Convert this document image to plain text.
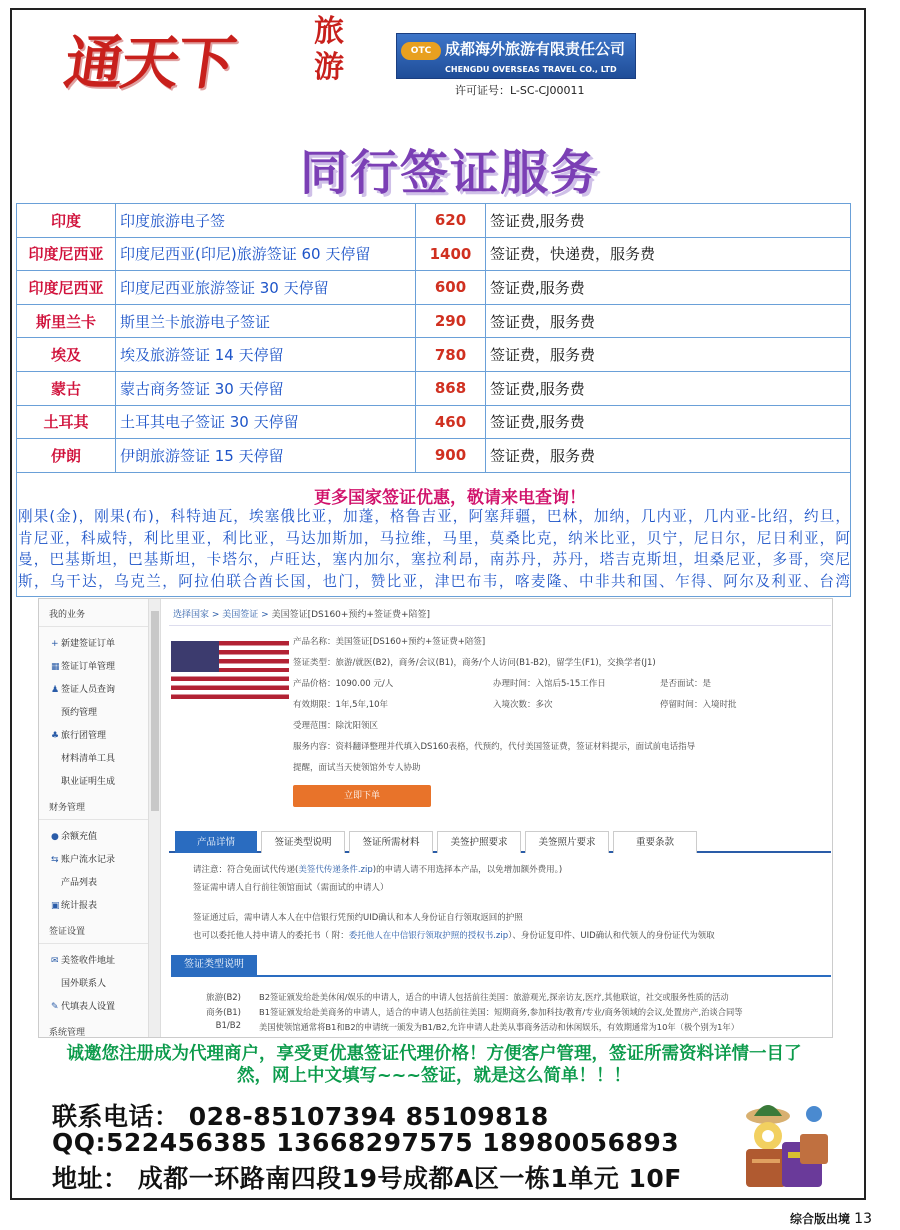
通天下	旅游	OTC 成都海外旅游有限责任公司
CHENGDU OVERSEAS TRAVEL CO., LTD
许可证号：L-SC-CJ00011
同行签证服务
印度	印度旅游电子签	620	签证费,服务费
印度尼西亚	印度尼西亚(印尼)旅游签证 60 天停留	1400	签证费，快递费，服务费
印度尼西亚	印度尼西亚旅游签证 30 天停留	600	签证费,服务费
斯里兰卡	斯里兰卡旅游电子签证	290	签证费，服务费
埃及	埃及旅游签证 14 天停留	780	签证费，服务费
蒙古	蒙古商务签证 30 天停留	868	签证费,服务费
土耳其	土耳其电子签证 30 天停留	460	签证费,服务费
伊朗	伊朗旅游签证 15 天停留	900	签证费，服务费
更多国家签证优惠，敬请来电查询！
刚果(金)，刚果(布)，科特迪瓦，埃塞俄比亚，加蓬，格鲁吉亚，阿塞拜疆，巴林，加纳，几内亚，几内亚-比绍，约旦，
肯尼亚，科威特，利比里亚，利比亚，马达加斯加，马拉维，马里，莫桑比克，纳米比亚，贝宁，尼日尔，尼日利亚，阿
曼，巴基斯坦，巴基斯坦，卡塔尔，卢旺达，塞内加尔，塞拉利昂，南苏丹，苏丹，塔吉克斯坦，坦桑尼亚，多哥，突尼
斯，乌干达，乌克兰，阿拉伯联合酋长国，也门，赞比亚，津巴布韦，喀麦隆、中非共和国、乍得、阿尔及利亚、台湾
我的业务
+ 新建签证订单
▦签证订单管理
♟ 签证人员查询
预约管理
♣ 旅行团管理
材料清单工具
职业证明生成
财务管理
● 余额充值
⇆ 账户流水记录
产品列表
▣统计报表
签证设置
✉ 美签收件地址
国外联系人
✎ 代填表人设置
系统管理
选择国家 > 美国签证 > 美国签证[DS160+预约+签证费+陪签]
产品名称：美国签证[DS160+预约+签证费+陪签]
签证类型：旅游/就医(B2)，商务/会议(B1)，商务/个人访问(B1-B2)，留学生(F1)，交换学者(J1)
产品价格：1090.00 元/人	办理时间：入馆后5-15工作日	是否面试：是
有效期限：1年,5年,10年	入境次数：多次	停留时间：入境时批
受理范围：除沈阳领区
服务内容：资料翻译整理并代填入DS160表格，代预约，代付美国签证费，签证材料提示，面试前电话指导
提醒，面试当天使领馆外专人协助
立即下单
产品详情	签证类型说明	签证所需材料	美签护照要求	美签照片要求	重要条款
请注意：符合免面试代传递(美签代传递条件.zip)的申请人请不用选择本产品，以免增加额外费用。)
签证需申请人自行前往领馆面试（需面试的申请人）
签证通过后，需申请人本人在中信银行凭预约UID确认和本人身份证自行领取返回的护照
也可以委托他人持申请人的委托书（ 附：委托他人在中信银行领取护照的授权书.zip）、身份证复印件、UID确认和代领人的身份证代为领取
签证类型说明
旅游(B2) B2签证颁发给赴美休闲/娱乐的申请人，适合的申请人包括前往美国：旅游观光,探亲访友,医疗,其他联谊，社交或服务性质的活动
商务(B1) B1签证颁发给赴美商务的申请人，适合的申请人包括前往美国：短期商务,参加科技/教育/专业/商务领域的会议,处置房产,治谈合同等
B1/B2 美国使领馆通常将B1和B2的申请统一颁发为B1/B2,允许申请人赴美从事商务活动和休闲娱乐，有效期通常为10年（极个别为1年）
诚邀您注册成为代理商户，享受更优惠签证代理价格！方便客户管理，签证所需资料详情一目了
然，网上中文填写~~~签证，就是这么简单！！！
联系电话： 028-85107394 85109818
QQ:522456385 13668297575 18980056893
地址： 成都一环路南四段19号成都A区一栋1单元 10F
综合版出境 13
